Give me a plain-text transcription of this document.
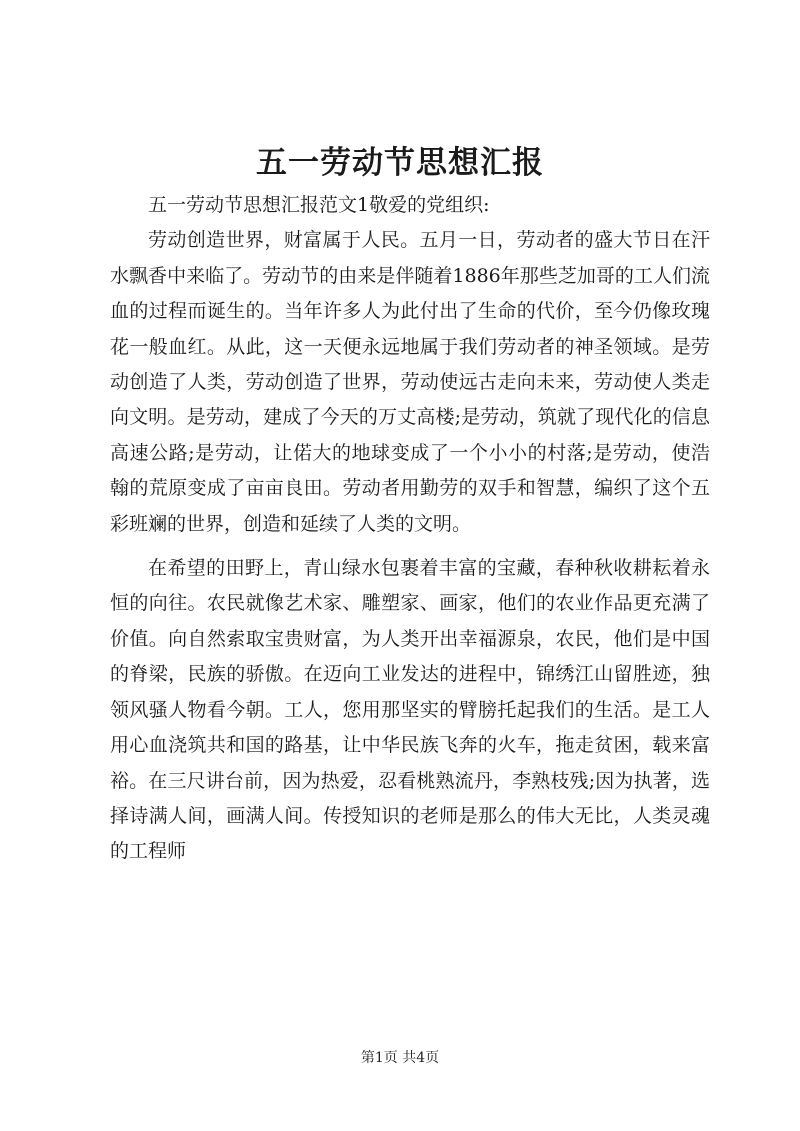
五一劳动节思想汇报

五一劳动节思想汇报范文1敬爱的党组织:

劳动创造世界，财富属于人民。五月一日，劳动者的盛大节日在汗水飘香中来临了。劳动节的由来是伴随着1886年那些芝加哥的工人们流血的过程而诞生的。当年许多人为此付出了生命的代价，至今仍像玫瑰花一般血红。从此，这一天便永远地属于我们劳动者的神圣领域。是劳动创造了人类，劳动创造了世界，劳动使远古走向未来，劳动使人类走向文明。是劳动，建成了今天的万丈高楼;是劳动，筑就了现代化的信息高速公路;是劳动，让偌大的地球变成了一个小小的村落;是劳动，使浩翰的荒原变成了亩亩良田。劳动者用勤劳的双手和智慧，编织了这个五彩班斓的世界，创造和延续了人类的文明。

在希望的田野上，青山绿水包裹着丰富的宝藏，春种秋收耕耘着永恒的向往。农民就像艺术家、雕塑家、画家，他们的农业作品更充满了价值。向自然索取宝贵财富，为人类开出幸福源泉，农民，他们是中国的脊梁，民族的骄傲。在迈向工业发达的进程中，锦绣江山留胜迹，独领风骚人物看今朝。工人，您用那坚实的臂膀托起我们的生活。是工人用心血浇筑共和国的路基，让中华民族飞奔的火车，拖走贫困，载来富裕。在三尺讲台前，因为热爱，忍看桃熟流丹，李熟枝残;因为执著，选择诗满人间，画满人间。传授知识的老师是那么的伟大无比，人类灵魂的工程师

第1页 共4页
